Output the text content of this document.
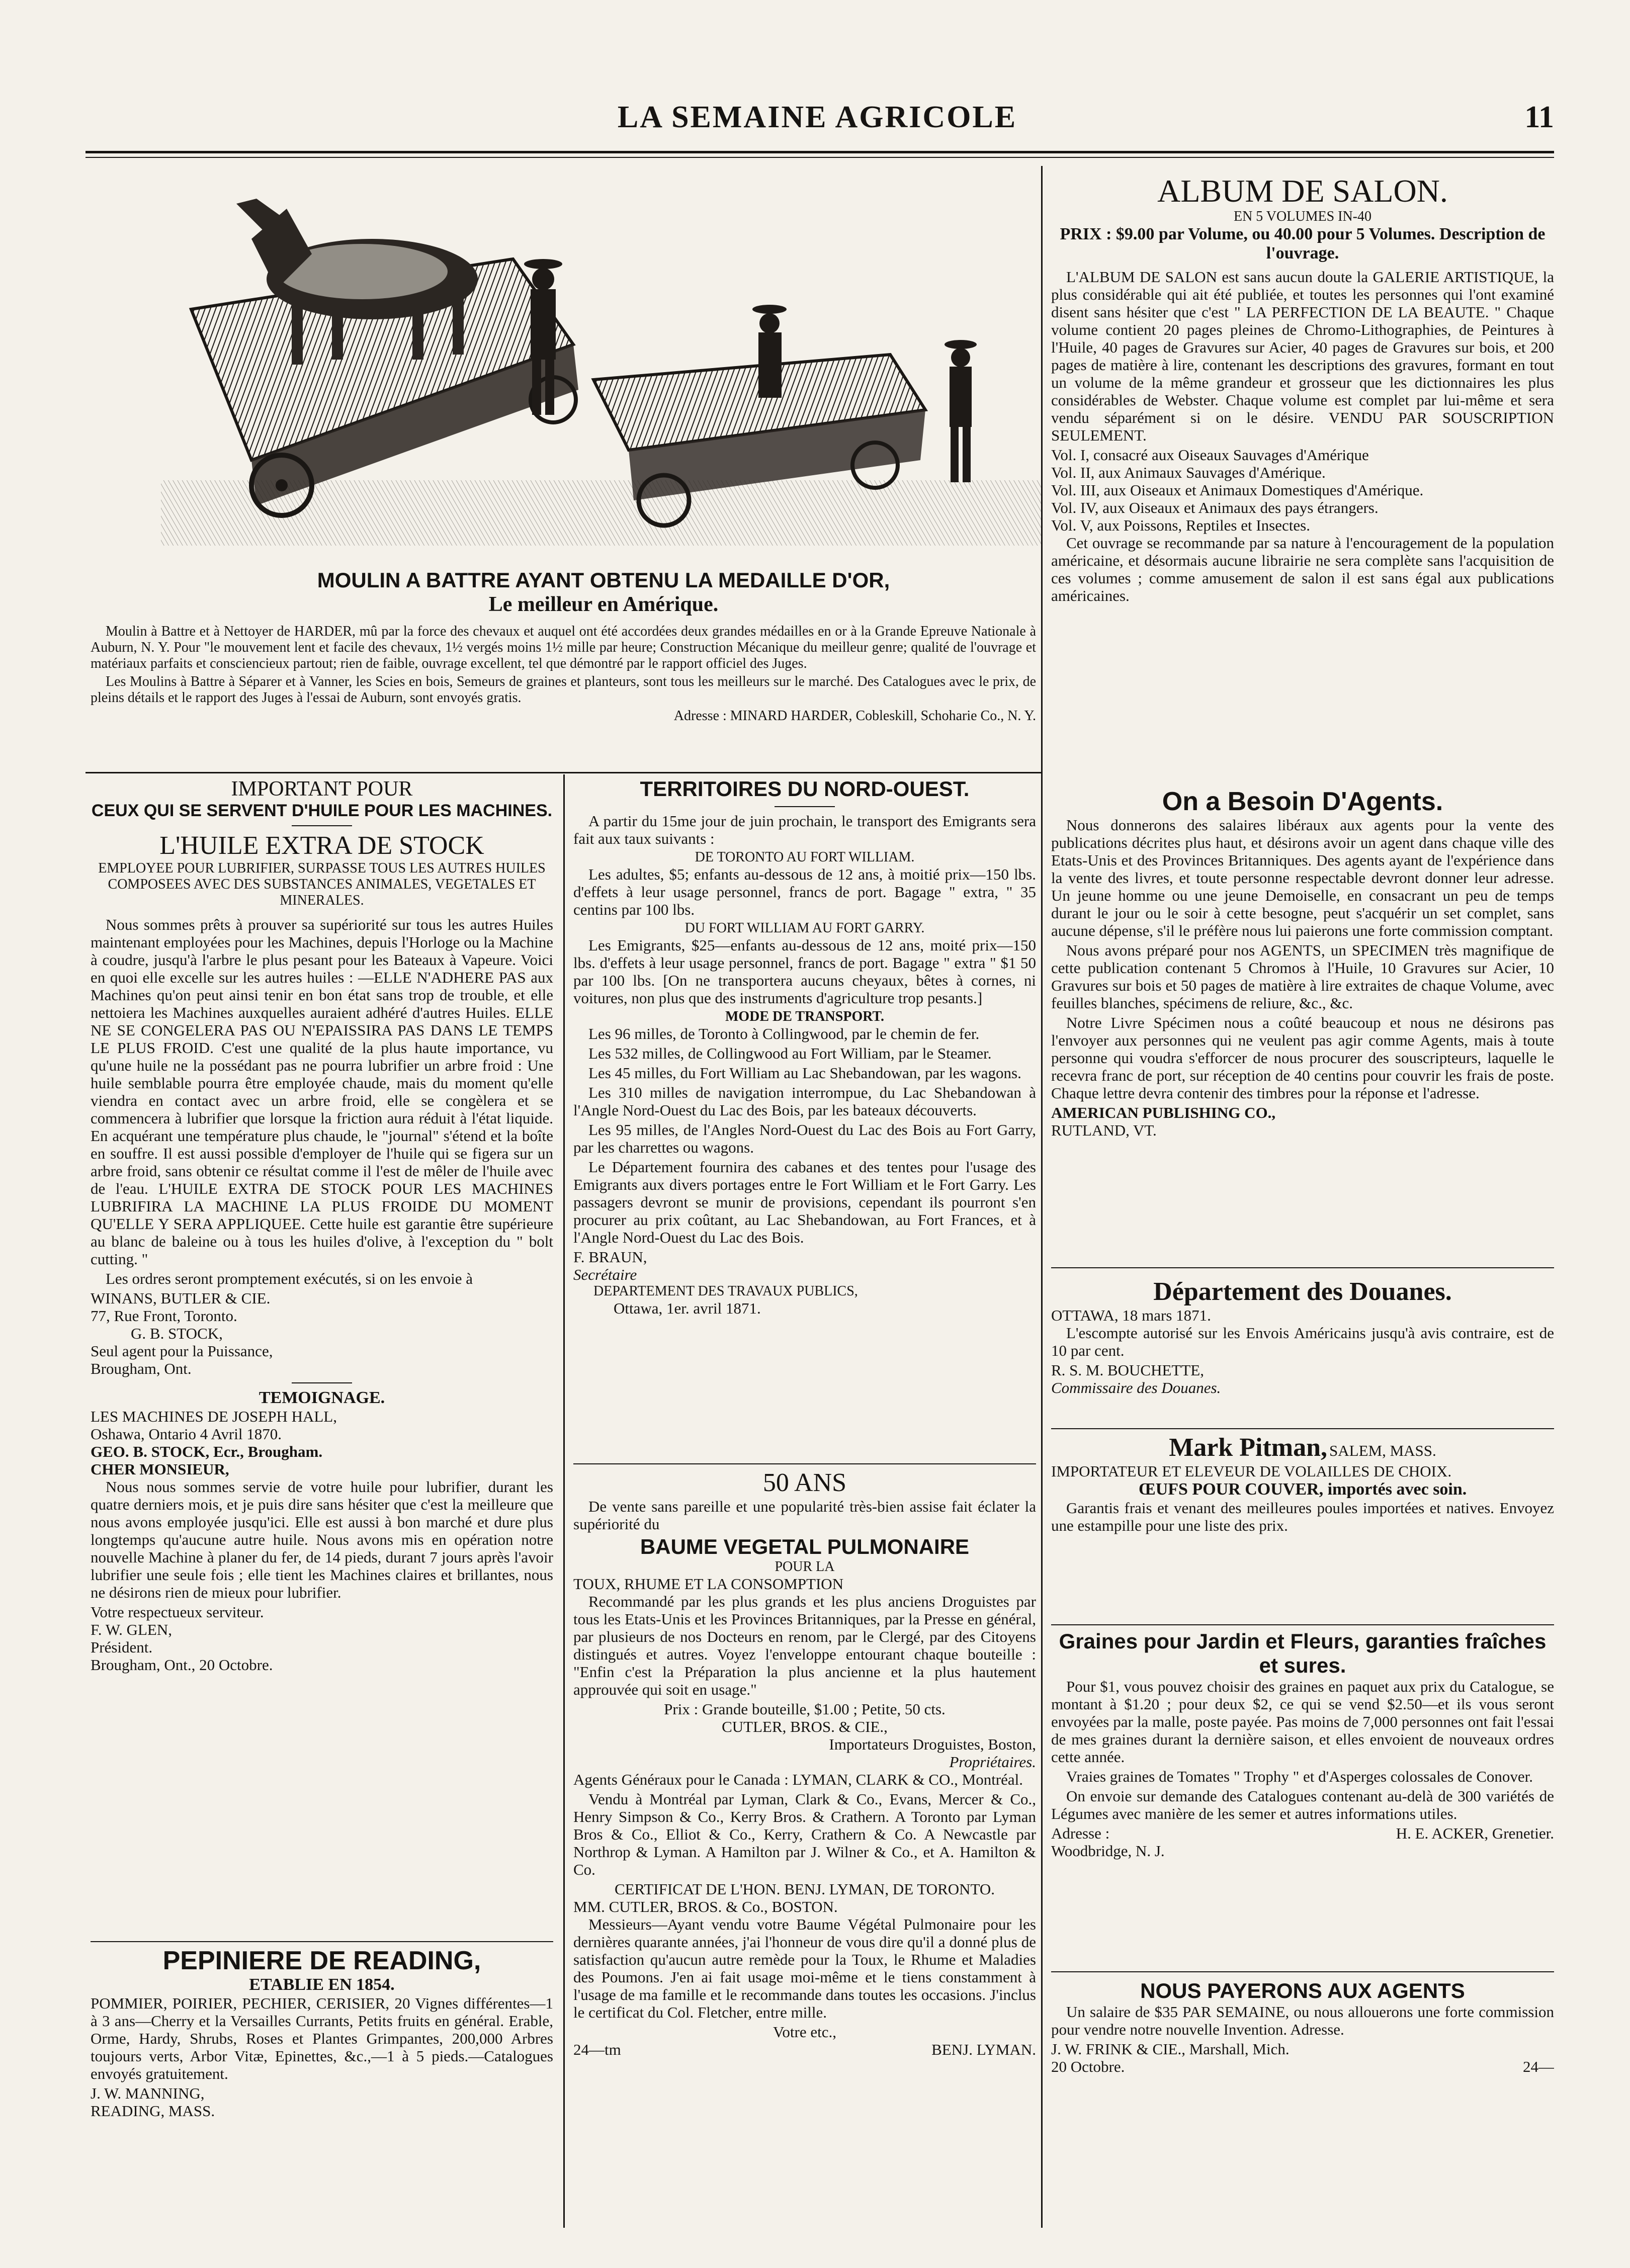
LA SEMAINE AGRICOLE	11
MOULIN A BATTRE AYANT OBTENU LA MEDAILLE D'OR,
Le meilleur en Amérique.

Moulin à Battre et à Nettoyer de HARDER, mû par la force des chevaux et auquel ont été accordées deux grandes médailles en or à la Grande Epreuve Nationale à Auburn, N. Y. Pour "le mouvement lent et facile des chevaux, 1½ vergés moins 1½ mille par heure; Construction Mécanique du meilleur genre; qualité de l'ouvrage et matériaux parfaits et consciencieux partout; rien de faible, ouvrage excellent, tel que démontré par le rapport officiel des Juges.

Les Moulins à Battre à Séparer et à Vanner, les Scies en bois, Semeurs de graines et planteurs, sont tous les meilleurs sur le marché. Des Catalogues avec le prix, de pleins détails et le rapport des Juges à l'essai de Auburn, sont envoyés gratis.

Adresse : MINARD HARDER, Cobleskill, Schoharie Co., N. Y.
IMPORTANT POUR
CEUX QUI SE SERVENT D'HUILE POUR LES MACHINES.
L'HUILE EXTRA DE STOCK
EMPLOYEE POUR LUBRIFIER, SURPASSE TOUS LES AUTRES HUILES COMPOSEES AVEC DES SUBSTANCES ANIMALES, VEGETALES ET MINERALES.

Nous sommes prêts à prouver sa supériorité sur tous les autres Huiles maintenant employées pour les Machines, depuis l'Horloge ou la Machine à coudre, jusqu'à l'arbre le plus pesant pour les Bateaux à Vapeure. Voici en quoi elle excelle sur les autres huiles : —ELLE N'ADHERE PAS aux Machines qu'on peut ainsi tenir en bon état sans trop de trouble, et elle nettoiera les Machines auxquelles auraient adhéré d'autres Huiles. ELLE NE SE CONGELERA PAS OU N'EPAISSIRA PAS DANS LE TEMPS LE PLUS FROID. C'est une qualité de la plus haute importance, vu qu'une huile ne la possédant pas ne pourra lubrifier un arbre froid : Une huile semblable pourra être employée chaude, mais du moment qu'elle viendra en contact avec un arbre froid, elle se congèlera et se commencera à lubrifier que lorsque la friction aura réduit à l'état liquide. En acquérant une température plus chaude, le "journal" s'étend et la boîte en souffre. Il est aussi possible d'employer de l'huile qui se figera sur un arbre froid, sans obtenir ce résultat comme il l'est de mêler de l'huile avec de l'eau. L'HUILE EXTRA DE STOCK POUR LES MACHINES LUBRIFIRA LA MACHINE LA PLUS FROIDE DU MOMENT QU'ELLE Y SERA APPLIQUEE. Cette huile est garantie être supérieure au blanc de baleine ou à tous les huiles d'olive, à l'exception du " bolt cutting. "

Les ordres seront promptement exécutés, si on les envoie à

WINANS, BUTLER & CIE.
77, Rue Front, Toronto.
G. B. STOCK,
Seul agent pour la Puissance,
Brougham, Ont.
TEMOIGNAGE.
LES MACHINES DE JOSEPH HALL,
Oshawa, Ontario 4 Avril 1870.
GEO. B. STOCK, Ecr., Brougham.
CHER MONSIEUR,

Nous nous sommes servie de votre huile pour lubrifier, durant les quatre derniers mois, et je puis dire sans hésiter que c'est la meilleure que nous avons employée jusqu'ici. Elle est aussi à bon marché et dure plus longtemps qu'aucune autre huile. Nous avons mis en opération notre nouvelle Machine à planer du fer, de 14 pieds, durant 7 jours après l'avoir lubrifier une seule fois ; elle tient les Machines claires et brillantes, nous ne désirons rien de mieux pour lubrifier.

Votre respectueux serviteur.
F. W. GLEN,
Président.
Brougham, Ont., 20 Octobre.
PEPINIERE DE READING,
ETABLIE EN 1854.

POMMIER, POIRIER, PECHIER, CERISIER, 20 Vignes différentes—1 à 3 ans—Cherry et la Versailles Currants, Petits fruits en général. Erable, Orme, Hardy, Shrubs, Roses et Plantes Grimpantes, 200,000 Arbres toujours verts, Arbor Vitæ, Epinettes, &c.,—1 à 5 pieds.—Catalogues envoyés gratuitement.

J. W. MANNING,
READING, MASS.
TERRITOIRES DU NORD-OUEST.

A partir du 15me jour de juin prochain, le transport des Emigrants sera fait aux taux suivants :

DE TORONTO AU FORT WILLIAM.

Les adultes, $5; enfants au-dessous de 12 ans, à moitié prix—150 lbs. d'effets à leur usage personnel, francs de port. Bagage " extra, " 35 centins par 100 lbs.

DU FORT WILLIAM AU FORT GARRY.

Les Emigrants, $25—enfants au-dessous de 12 ans, moité prix—150 lbs. d'effets à leur usage personnel, francs de port. Bagage " extra " $1 50 par 100 lbs. [On ne transportera aucuns cheyaux, bêtes à cornes, ni voitures, non plus que des instruments d'agriculture trop pesants.]

MODE DE TRANSPORT.

Les 96 milles, de Toronto à Collingwood, par le chemin de fer.

Les 532 milles, de Collingwood au Fort William, par le Steamer.

Les 45 milles, du Fort William au Lac Shebandowan, par les wagons.

Les 310 milles de navigation interrompue, du Lac Shebandowan à l'Angle Nord-Ouest du Lac des Bois, par les bateaux découverts.

Les 95 milles, de l'Angles Nord-Ouest du Lac des Bois au Fort Garry, par les charrettes ou wagons.

Le Département fournira des cabanes et des tentes pour l'usage des Emigrants aux divers portages entre le Fort William et le Fort Garry. Les passagers devront se munir de provisions, cependant ils pourront s'en procurer au prix coûtant, au Lac Shebandowan, au Fort Frances, et à l'Angle Nord-Ouest du Lac des Bois.

F. BRAUN,
Secrétaire
DEPARTEMENT DES TRAVAUX PUBLICS,
Ottawa, 1er. avril 1871.
50 ANS

De vente sans pareille et une popularité très-bien assise fait éclater la supériorité du

BAUME VEGETAL PULMONAIRE
POUR LA
TOUX, RHUME ET LA CONSOMPTION

Recommandé par les plus grands et les plus anciens Droguistes par tous les Etats-Unis et les Provinces Britanniques, par la Presse en général, par plusieurs de nos Docteurs en renom, par le Clergé, par des Citoyens distingués et autres. Voyez l'enveloppe entourant chaque bouteille : "Enfin c'est la Préparation la plus ancienne et la plus hautement approuvée qui soit en usage."

Prix : Grande bouteille, $1.00 ; Petite, 50 cts.
CUTLER, BROS. & CIE.,
Importateurs Droguistes, Boston,
Propriétaires.

Agents Généraux pour le Canada : LYMAN, CLARK & CO., Montréal.

Vendu à Montréal par Lyman, Clark & Co., Evans, Mercer & Co., Henry Simpson & Co., Kerry Bros. & Crathern. A Toronto par Lyman Bros & Co., Elliot & Co., Kerry, Crathern & Co. A Newcastle par Northrop & Lyman. A Hamilton par J. Wilner & Co., et A. Hamilton & Co.

CERTIFICAT DE L'HON. BENJ. LYMAN, DE TORONTO.
MM. CUTLER, BROS. & Co., BOSTON.

Messieurs—Ayant vendu votre Baume Végétal Pulmonaire pour les dernières quarante années, j'ai l'honneur de vous dire qu'il a donné plus de satisfaction qu'aucun autre remède pour la Toux, le Rhume et Maladies des Poumons. J'en ai fait usage moi-même et le tiens constamment à l'usage de ma famille et le recommande dans toutes les occasions. J'inclus le certificat du Col. Fletcher, entre mille.

Votre etc.,
24—tm	BENJ. LYMAN.
ALBUM DE SALON.
EN 5 VOLUMES IN-40
PRIX : $9.00 par Volume, ou 40.00 pour 5 Volumes. Description de l'ouvrage.

L'ALBUM DE SALON est sans aucun doute la GALERIE ARTISTIQUE, la plus considérable qui ait été publiée, et toutes les personnes qui l'ont examiné disent sans hésiter que c'est " LA PERFECTION DE LA BEAUTE. " Chaque volume contient 20 pages pleines de Chromo-Lithographies, de Peintures à l'Huile, 40 pages de Gravures sur Acier, 40 pages de Gravures sur bois, et 200 pages de matière à lire, contenant les descriptions des gravures, formant en tout un volume de la même grandeur et grosseur que les dictionnaires les plus considérables de Webster. Chaque volume est complet par lui-même et sera vendu séparément si on le désire. VENDU PAR SOUSCRIPTION SEULEMENT.

Vol. I, consacré aux Oiseaux Sauvages d'Amérique
Vol. II, aux Animaux Sauvages d'Amérique.
Vol. III, aux Oiseaux et Animaux Domestiques d'Amérique.
Vol. IV, aux Oiseaux et Animaux des pays étrangers.
Vol. V, aux Poissons, Reptiles et Insectes.

Cet ouvrage se recommande par sa nature à l'encouragement de la population américaine, et désormais aucune librairie ne sera complète sans l'acquisition de ces volumes ; comme amusement de salon il est sans égal aux publications américaines.

On a Besoin D'Agents.

Nous donnerons des salaires libéraux aux agents pour la vente des publications décrites plus haut, et désirons avoir un agent dans chaque ville des Etats-Unis et des Provinces Britanniques. Des agents ayant de l'expérience dans la vente des livres, et toute personne respectable devront donner leur adresse. Un jeune homme ou une jeune Demoiselle, en consacrant un peu de temps durant le jour ou le soir à cette besogne, peut s'acquérir un set complet, sans aucune dépense, s'il le préfère nous lui paierons une forte commission comptant.

Nous avons préparé pour nos AGENTS, un SPECIMEN très magnifique de cette publication contenant 5 Chromos à l'Huile, 10 Gravures sur Acier, 10 Gravures sur bois et 50 pages de matière à lire extraites de chaque Volume, avec feuilles blanches, spécimens de reliure, &c., &c.

Notre Livre Spécimen nous a coûté beaucoup et nous ne désirons pas l'envoyer aux personnes qui ne veulent pas agir comme Agents, mais à toute personne qui voudra s'efforcer de nous procurer des souscripteurs, laquelle le recevra franc de port, sur réception de 40 centins pour couvrir les frais de poste. Chaque lettre devra contenir des timbres pour la réponse et l'adresse.

AMERICAN PUBLISHING CO.,
RUTLAND, VT.
Département des Douanes.
OTTAWA, 18 mars 1871.

L'escompte autorisé sur les Envois Américains jusqu'à avis contraire, est de 10 par cent.

R. S. M. BOUCHETTE,
Commissaire des Douanes.
Mark Pitman, SALEM, MASS.
IMPORTATEUR ET ELEVEUR DE VOLAILLES DE CHOIX.
ŒUFS POUR COUVER, importés avec soin.

Garantis frais et venant des meilleures poules importées et natives. Envoyez une estampille pour une liste des prix.

Graines pour Jardin et Fleurs, garanties fraîches et sures.

Pour $1, vous pouvez choisir des graines en paquet aux prix du Catalogue, se montant à $1.20 ; pour deux $2, ce qui se vend $2.50—et ils vous seront envoyées par la malle, poste payée. Pas moins de 7,000 personnes ont fait l'essai de mes graines durant la dernière saison, et elles envoient de nouveaux ordres cette année.

Vraies graines de Tomates " Trophy " et d'Asperges colossales de Conover.

On envoie sur demande des Catalogues contenant au-delà de 300 variétés de Légumes avec manière de les semer et autres informations utiles.

Adresse :	H. E. ACKER, Grenetier.
Woodbridge, N. J.
NOUS PAYERONS AUX AGENTS

Un salaire de $35 PAR SEMAINE, ou nous allouerons une forte commission pour vendre notre nouvelle Invention. Adresse.

J. W. FRINK & CIE., Marshall, Mich.
20 Octobre.	24—
